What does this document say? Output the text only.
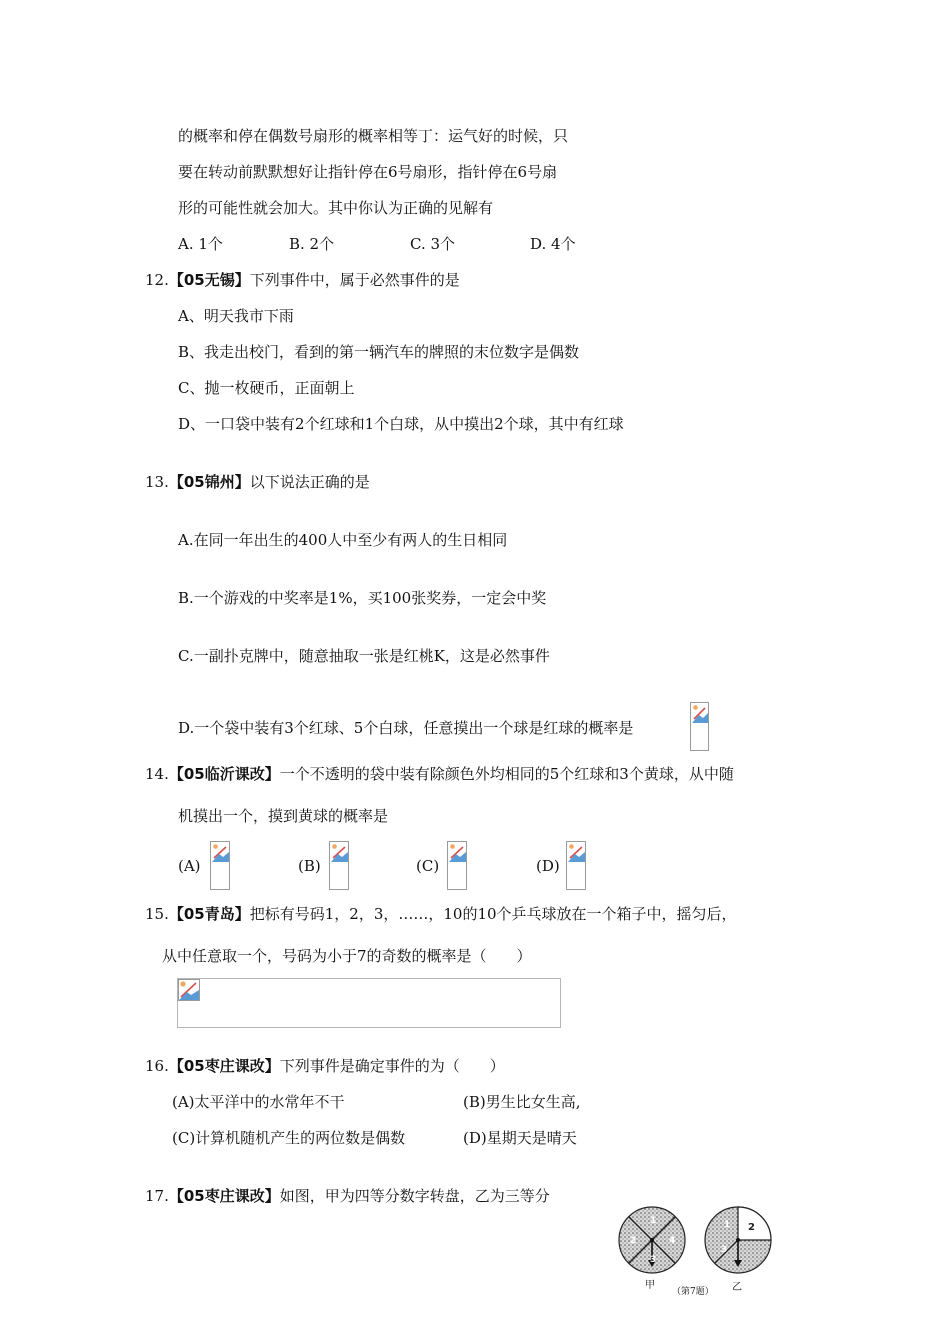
的概率和停在偶数号扇形的概率相等丁：运气好的时候，只
要在转动前默默想好让指针停在6号扇形，指针停在6号扇
形的可能性就会加大。其中你认为正确的见解有
A. 1个	B. 2个	C. 3个	D. 4个
12.【05无锡】下列事件中，属于必然事件的是
A、明天我市下雨
B、我走出校门，看到的第一辆汽车的牌照的末位数字是偶数
C、抛一枚硬币，正面朝上
D、一口袋中装有2个红球和1个白球，从中摸出2个球，其中有红球
13.【05锦州】以下说法正确的是
A.在同一年出生的400人中至少有两人的生日相同
B.一个游戏的中奖率是1%，买100张奖券，一定会中奖
C.一副扑克牌中，随意抽取一张是红桃K，这是必然事件
D.一个袋中装有3个红球、5个白球，任意摸出一个球是红球的概率是
14.【05临沂课改】一个不透明的袋中装有除颜色外均相同的5个红球和3个黄球，从中随
机摸出一个，摸到黄球的概率是
(A)	(B)	(C)	(D)
15.【05青岛】把标有号码1，2，3，……，10的10个乒乓球放在一个箱子中，摇匀后，
从中任意取一个，号码为小于7的奇数的概率是（　　）
16.【05枣庄课改】下列事件是确定事件的为（　　）
(A)太平洋中的水常年不干	(B)男生比女生高,
(C)计算机随机产生的两位数是偶数	(D)星期天是晴天
17.【05枣庄课改】如图，甲为四等分数字转盘，乙为三等分
1
2
3
4
1 2
3
甲	乙
（第7题）
